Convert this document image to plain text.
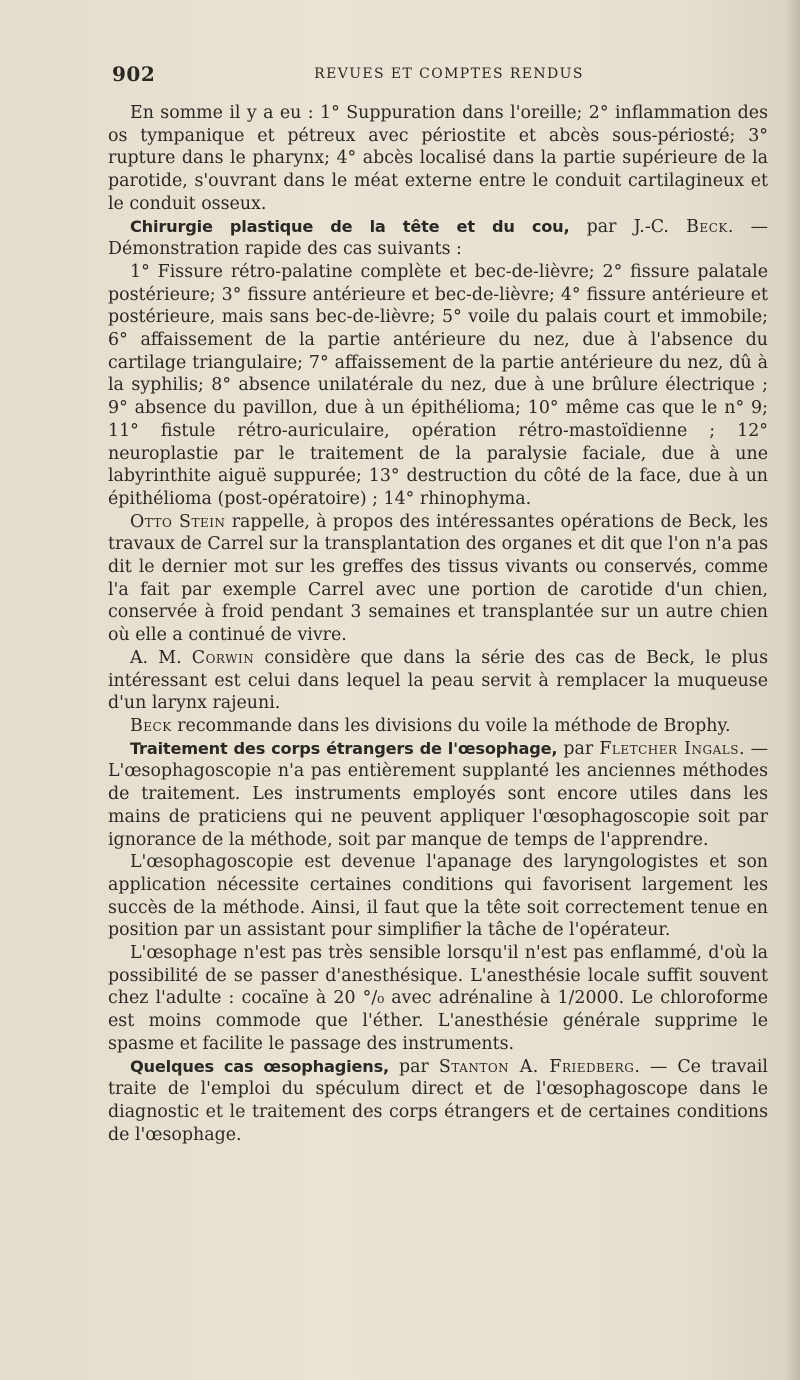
902	REVUES ET COMPTES RENDUS

En somme il y a eu : 1° Suppuration dans l'oreille; 2° inflammation des os tympanique et pétreux avec périostite et abcès sous-périosté; 3° rupture dans le pharynx; 4° abcès localisé dans la partie supérieure de la parotide, s'ouvrant dans le méat externe entre le conduit cartilagineux et le conduit osseux.

Chirurgie plastique de la tête et du cou, par J.-C. Beck. — Démonstration rapide des cas suivants :

1° Fissure rétro-palatine complète et bec-de-lièvre; 2° fissure palatale postérieure; 3° fissure antérieure et bec-de-lièvre; 4° fissure antérieure et postérieure, mais sans bec-de-lièvre; 5° voile du palais court et immobile; 6° affaissement de la partie antérieure du nez, due à l'absence du cartilage triangulaire; 7° affaissement de la partie antérieure du nez, dû à la syphilis; 8° absence unilatérale du nez, due à une brûlure électrique ; 9° absence du pavillon, due à un épithélioma; 10° même cas que le n° 9; 11° fistule rétro-auriculaire, opération rétro-mastoïdienne ; 12° neuroplastie par le traitement de la paralysie faciale, due à une labyrinthite aiguë suppurée; 13° destruction du côté de la face, due à un épithélioma (post-opératoire) ; 14° rhinophyma.

Otto Stein rappelle, à propos des intéressantes opérations de Beck, les travaux de Carrel sur la transplantation des organes et dit que l'on n'a pas dit le dernier mot sur les greffes des tissus vivants ou conservés, comme l'a fait par exemple Carrel avec une portion de carotide d'un chien, conservée à froid pendant 3 semaines et transplantée sur un autre chien où elle a continué de vivre.

A. M. Corwin considère que dans la série des cas de Beck, le plus intéressant est celui dans lequel la peau servit à remplacer la muqueuse d'un larynx rajeuni.

Beck recommande dans les divisions du voile la méthode de Brophy.

Traitement des corps étrangers de l'œsophage, par Fletcher Ingals. — L'œsophagoscopie n'a pas entièrement supplanté les anciennes méthodes de traitement. Les instruments employés sont encore utiles dans les mains de praticiens qui ne peuvent appliquer l'œsophagoscopie soit par ignorance de la méthode, soit par manque de temps de l'apprendre.

L'œsophagoscopie est devenue l'apanage des laryngologistes et son application nécessite certaines conditions qui favorisent largement les succès de la méthode. Ainsi, il faut que la tête soit correctement tenue en position par un assistant pour simplifier la tâche de l'opérateur.

L'œsophage n'est pas très sensible lorsqu'il n'est pas enflammé, d'où la possibilité de se passer d'anesthésique. L'anesthésie locale suffit souvent chez l'adulte : cocaïne à 20 °/₀ avec adrénaline à 1/2000. Le chloroforme est moins commode que l'éther. L'anesthésie générale supprime le spasme et facilite le passage des instruments.

Quelques cas œsophagiens, par Stanton A. Friedberg. — Ce travail traite de l'emploi du spéculum direct et de l'œsophagoscope dans le diagnostic et le traitement des corps étrangers et de certaines conditions de l'œsophage.
